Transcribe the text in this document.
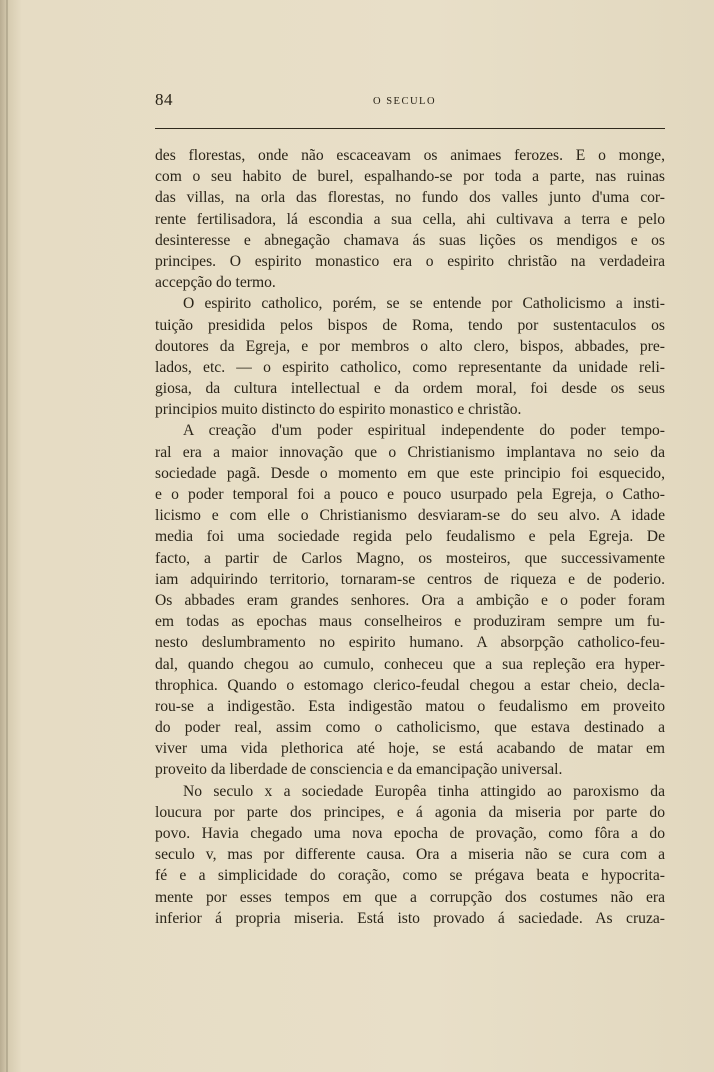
84	O SECULO
des florestas, onde não escaceavam os animaes ferozes. E o monge,
com o seu habito de burel, espalhando-se por toda a parte, nas ruinas
das villas, na orla das florestas, no fundo dos valles junto d'uma cor-
rente fertilisadora, lá escondia a sua cella, ahi cultivava a terra e pelo
desinteresse e abnegação chamava ás suas lições os mendigos e os
principes. O espirito monastico era o espirito christão na verdadeira
accepção do termo.
O espirito catholico, porém, se se entende por Catholicismo a insti-
tuição presidida pelos bispos de Roma, tendo por sustentaculos os
doutores da Egreja, e por membros o alto clero, bispos, abbades, pre-
lados, etc. — o espirito catholico, como representante da unidade reli-
giosa, da cultura intellectual e da ordem moral, foi desde os seus
principios muito distincto do espirito monastico e christão.
A creação d'um poder espiritual independente do poder tempo-
ral era a maior innovação que o Christianismo implantava no seio da
sociedade pagã. Desde o momento em que este principio foi esquecido,
e o poder temporal foi a pouco e pouco usurpado pela Egreja, o Catho-
licismo e com elle o Christianismo desviaram-se do seu alvo. A idade
media foi uma sociedade regida pelo feudalismo e pela Egreja. De
facto, a partir de Carlos Magno, os mosteiros, que successivamente
iam adquirindo territorio, tornaram-se centros de riqueza e de poderio.
Os abbades eram grandes senhores. Ora a ambição e o poder foram
em todas as epochas maus conselheiros e produziram sempre um fu-
nesto deslumbramento no espirito humano. A absorpção catholico-feu-
dal, quando chegou ao cumulo, conheceu que a sua repleção era hyper-
throphica. Quando o estomago clerico-feudal chegou a estar cheio, decla-
rou-se a indigestão. Esta indigestão matou o feudalismo em proveito
do poder real, assim como o catholicismo, que estava destinado a
viver uma vida plethorica até hoje, se está acabando de matar em
proveito da liberdade de consciencia e da emancipação universal.
No seculo x a sociedade Europêa tinha attingido ao paroxismo da
loucura por parte dos principes, e á agonia da miseria por parte do
povo. Havia chegado uma nova epocha de provação, como fôra a do
seculo v, mas por differente causa. Ora a miseria não se cura com a
fé e a simplicidade do coração, como se prégava beata e hypocrita-
mente por esses tempos em que a corrupção dos costumes não era
inferior á propria miseria. Está isto provado á saciedade. As cruza-
